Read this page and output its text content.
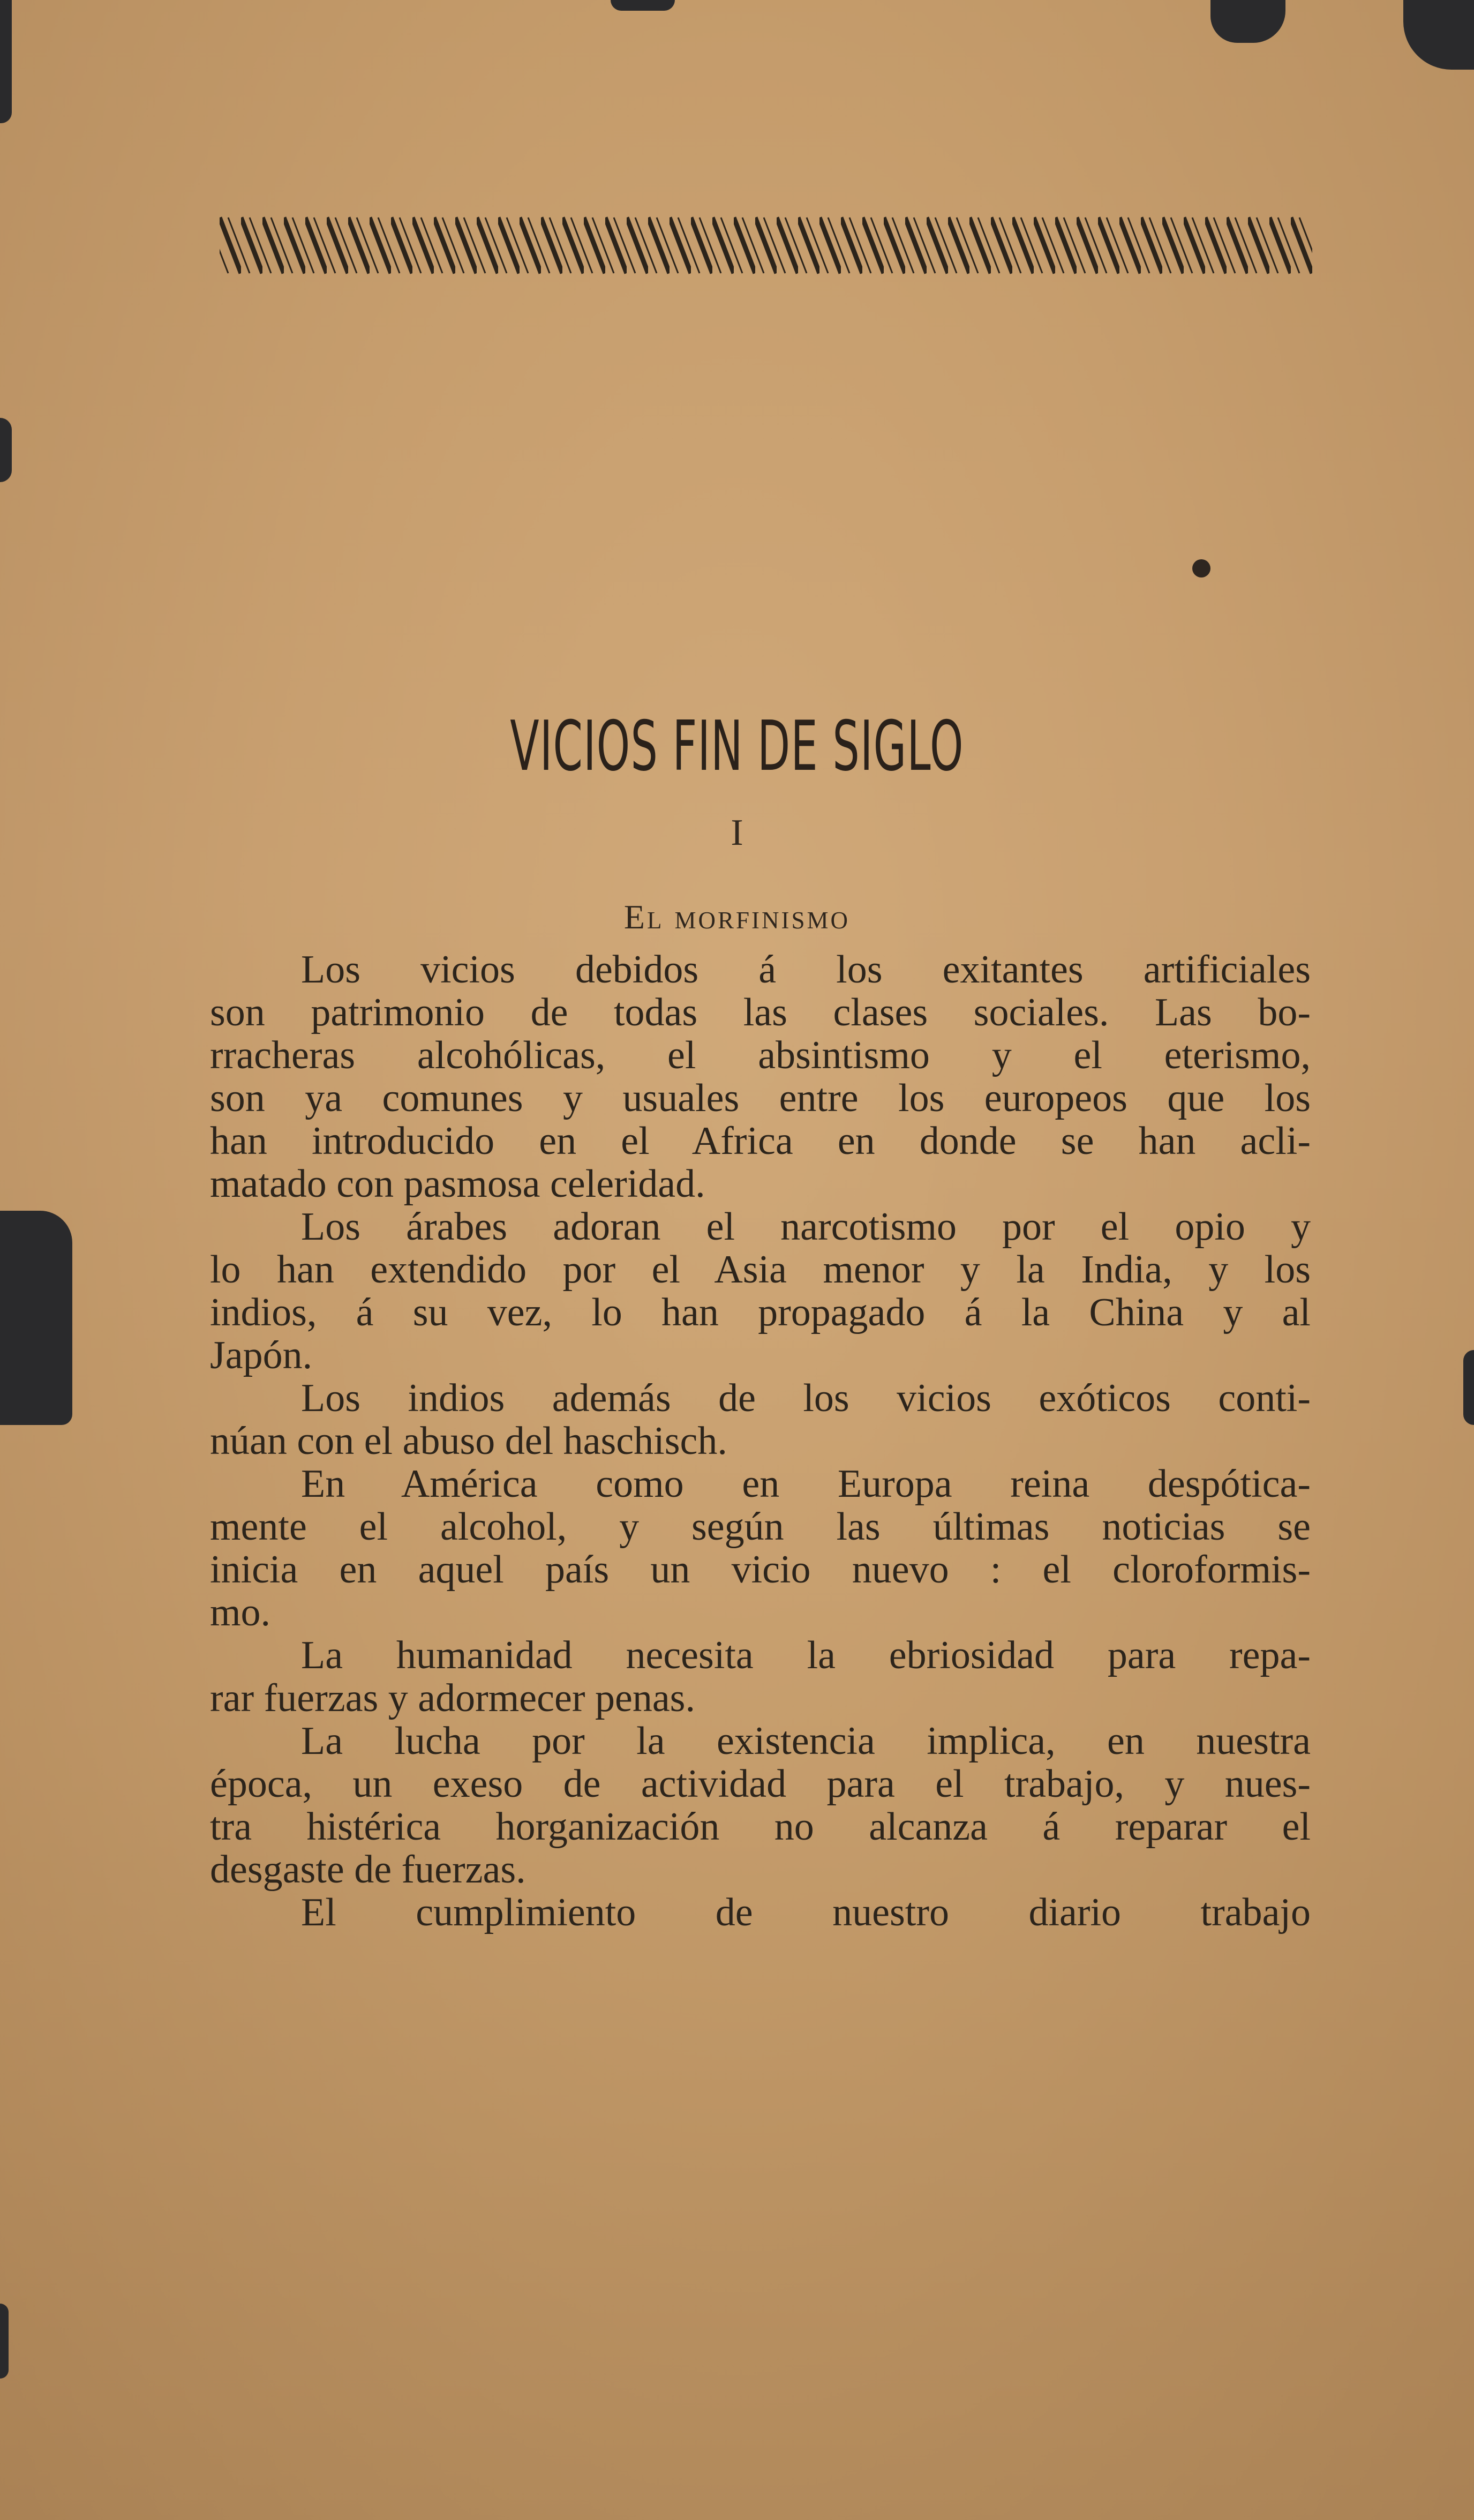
VICIOS FIN DE SIGLO
I
El morfinismo
Los vicios debidos á los exitantes artificiales
son patrimonio de todas las clases sociales. Las bo-
rracheras alcohólicas, el absintismo y el eterismo,
son ya comunes y usuales entre los europeos que los
han introducido en el Africa en donde se han acli-
matado con pasmosa celeridad.
Los árabes adoran el narcotismo por el opio y
lo han extendido por el Asia menor y la India, y los
indios, á su vez, lo han propagado á la China y al
Japón.
Los indios además de los vicios exóticos conti-
núan con el abuso del haschisch.
En América como en Europa reina despótica-
mente el alcohol, y según las últimas noticias se
inicia en aquel país un vicio nuevo : el cloroformis-
mo.
La humanidad necesita la ebriosidad para repa-
rar fuerzas y adormecer penas.
La lucha por la existencia implica, en nuestra
época, un exeso de actividad para el trabajo, y nues-
tra histérica horganización no alcanza á reparar el
desgaste de fuerzas.
El cumplimiento de nuestro diario trabajo
